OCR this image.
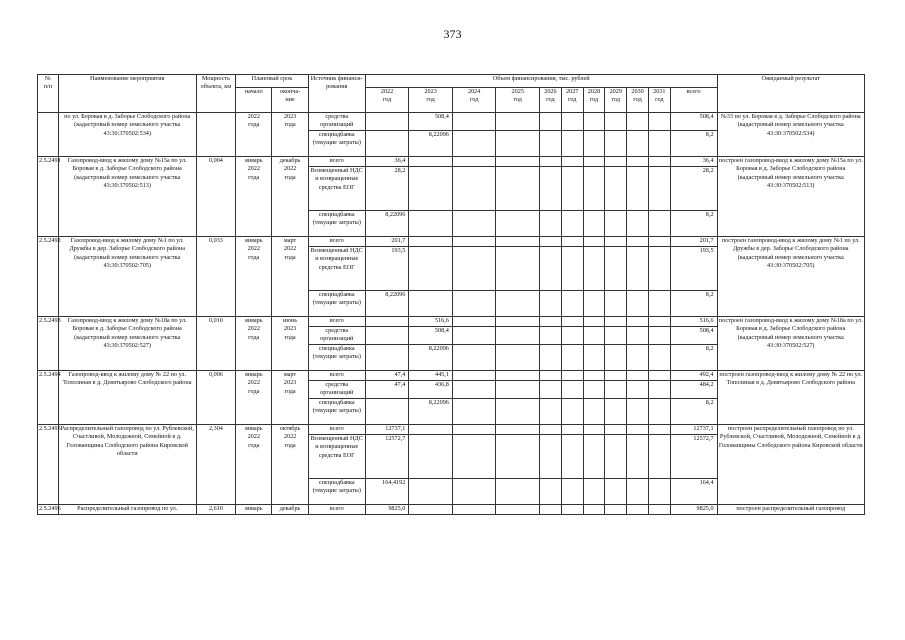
373
№
п/п	Наименование мероприятия	Мощность объекта, км	Плановый срок		Источник финанси-
рования	Объем финансирования, тыс. рублей											Ожидаемый результат
			начало	оконча-
ние		2022
год	2023
год	2024
год	2025
год	2026
год	2027
год	2028
год	2029
год	2030
год	2031
год	всего	

	по ул. Боровая в д. Заборье Слободского района (кадастровый номер земельного участка 43:30:370502:534)		2022
года	2023
года	средства организаций		508,4									508,4	№33 по ул. Боровая в д. Заборье Слободского района (кадастровый номер земельного участка 43:30:370502:534)
					спецнадбавка (текущие затраты)		8,22096									8,2	
2.5.2491	Газопровод-ввод к жилому дому №15а по ул. Боровая в д. Заборье Слободского района (кадастровый номер земельного участка 43:30:370502:513)	0,004	январь
2022
года	декабрь
2022
года	всего	36,4										36,4	построен газопровод-ввод к жилому дому №15а по ул. Боровая в д. Заборье Слободского района (кадастровый номер земельного участка 43:30:370502:513)
					Возмещенный НДС и возвращенные средства ЕОГ	28,2										28,2	
					спецнадбавка (текущие затраты)	8,22096										8,2	
2.5.2492	Газопровод-ввод к жилому дому №1 по ул. Дружбы в дер. Заборье Слободского района (кадастровый номер земельного участка 43:30:370502:705)	0,033	январь
2022
года	март
2022
года	всего	201,7										201,7	построен газопровод-ввод к жилому дому №1 по ул. Дружбы в дер. Заборье Слободского района (кадастровый номер земельного участка 43:30:370502:705)
					Возмещенный НДС и возвращенные средства ЕОГ	193,5										193,5	
					спецнадбавка (текущие затраты)	8,22096										8,2	
2.5.2493	Газопровод-ввод к жилому дому №18а по ул. Боровая в д. Заборье Слободского района (кадастровый номер земельного участка 43:30:370502:527)	0,010	январь
2022
года	июнь
2023
года	всего		516,6									516,6	построен газопровод-ввод к жилому дому №18а по ул. Боровая в д. Заборье Слободского района (кадастровый номер земельного участка 43:30:370502:527)
					средства организаций		508,4									508,4	
					спецнадбавка (текущие затраты)		8,22096									8,2	
2.5.2494	Газопровод-ввод к жилому дому № 22 по ул. Тополиная в д. Девятьярово Слободского района	0,006	январь
2022
года	март
2023
года	всего	47,4	445,1									492,4	построен газопровод-ввод к жилому дому № 22 по ул. Тополиная в д. Девятьярово Слободского района
					средства организаций	47,4	436,8									484,2	
					спецнадбавка (текущие затраты)		8,22096									8,2	
2.5.2495	Распределительный газопровод по ул. Рублевской, Счастливой, Молодежной, Семейной в д. Голованщины Слободского района Кировской области	2,304	январь
2022
года	октябрь
2022
года	всего	12737,1										12737,1	построен распределительный газопровод по ул. Рублевской, Счастливой, Молодежной, Семейной в д. Голованщины Слободского района Кировской области
					Возмещенный НДС и возвращенные средства ЕОГ	12572,7										12572,7	
					спецнадбавка (текущие затраты)	164,4192										164,4	
2.5.2496	Распределительный газопровод по ул.	2,610	январь	декабрь	всего	9825,0										9825,0	построен распределительный газопровод
